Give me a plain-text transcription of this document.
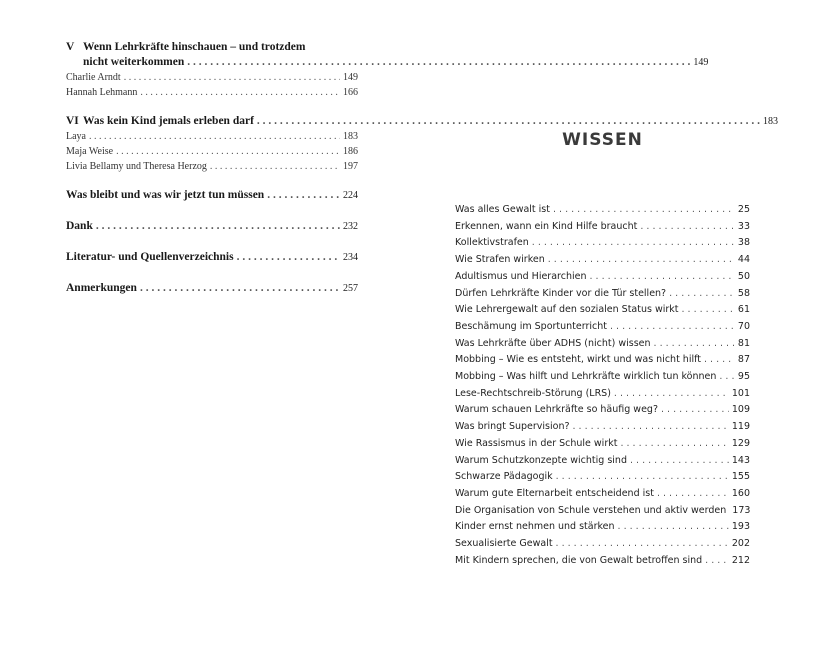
V Wenn Lehrkräfte hinschauen – und trotzdem
nicht weiterkommen . . .	149
Charlie Arndt . . .	149
Hannah Lehmann . . .	166
VI Was kein Kind jemals erleben darf . . .	183
Laya . . .	183
Maja Weise . . .	186
Livia Bellamy und Theresa Herzog . . .	197
Was bleibt und was wir jetzt tun müssen . . .	224
Dank . . .	232
Literatur- und Quellenverzeichnis . . .	234
Anmerkungen . . .	257
WISSEN
Was alles Gewalt ist . . .	25
Erkennen, wann ein Kind Hilfe braucht . . .	33
Kollektivstrafen . . .	38
Wie Strafen wirken . . .	44
Adultismus und Hierarchien . . .	50
Dürfen Lehrkräfte Kinder vor die Tür stellen? . . .	58
Wie Lehrergewalt auf den sozialen Status wirkt . . .	61
Beschämung im Sportunterricht . . .	70
Was Lehrkräfte über ADHS (nicht) wissen . . .	81
Mobbing – Wie es entsteht, wirkt und was nicht hilft . . .	87
Mobbing – Was hilft und Lehrkräfte wirklich tun können . . . 95
Lese-Rechtschreib-Störung (LRS) . . .	101
Warum schauen Lehrkräfte so häufig weg? . . .	109
Was bringt Supervision? . . .	119
Wie Rassismus in der Schule wirkt . . .	129
Warum Schutzkonzepte wichtig sind . . .	143
Schwarze Pädagogik . . .	155
Warum gute Elternarbeit entscheidend ist . . .	160
Die Organisation von Schule verstehen und aktiv werden 173
Kinder ernst nehmen und stärken . . .	193
Sexualisierte Gewalt . . .	202
Mit Kindern sprechen, die von Gewalt betroffen sind . . .	212
